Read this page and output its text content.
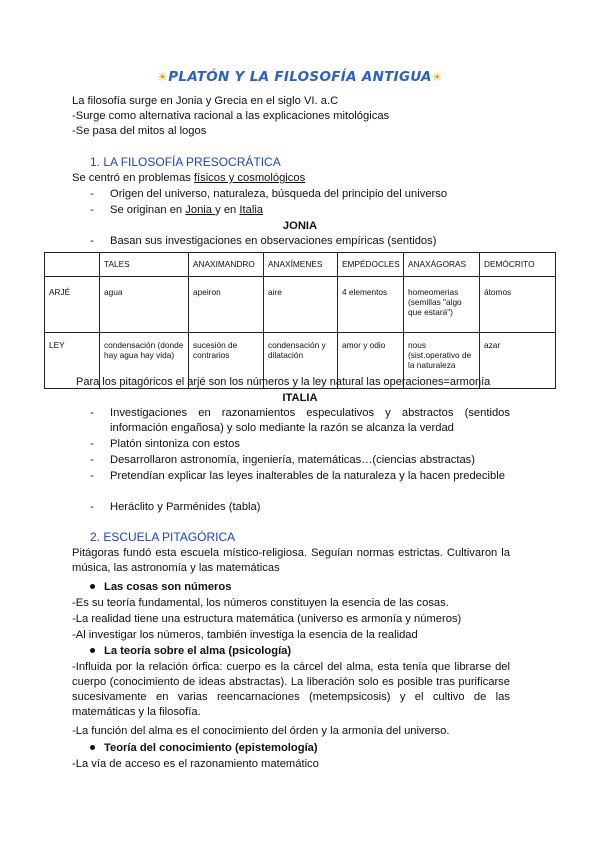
☀PLATÓN Y LA FILOSOFÍA ANTIGUA☀
La filosofía surge en Jonia y Grecia en el siglo VI. a.C
-Surge como alternativa racional a las explicaciones mitológicas
-Se pasa del mitos al logos
1. LA FILOSOFÍA PRESOCRÁTICA
Se centró en problemas físicos y cosmológicos
- Origen del universo, naturaleza, búsqueda del principio del universo
- Se originan en Jonia y en Italia
JONIA
- Basan sus investigaciones en observaciones empíricas (sentidos)
	TALES	ANAXIMANDRO	ANAXÍMENES	EMPÉDOCLES	ANAXÁGORAS	DEMÓCRITO
ARJÉ	agua	apeiron	aire	4 elementos	homeomerias (semillas "algo que estará")	átomos
LEY	condensación (donde hay agua hay vida)	sucesión de contrarios	condensación y dilatación	amor y odio	nous (sist.operativo de la naturaleza	azar
Para los pitagóricos el arjé son los números y la ley natural las operaciones=armonía
ITALIA
- Investigaciones en razonamientos especulativos y abstractos (sentidos información engañosa) y solo mediante la razón se alcanza la verdad
- Platón sintoniza con estos
- Desarrollaron astronomía, ingeniería, matemáticas…(ciencias abstractas)
- Pretendían explicar las leyes inalterables de la naturaleza y la hacen predecible
- Heráclito y Parménides (tabla)
2. ESCUELA PITAGÓRICA
Pitágoras fundó esta escuela místico-religiosa. Seguían normas estrictas. Cultivaron la música, las astronomía y las matemáticas
Las cosas son números
-Es su teoría fundamental, los números constituyen la esencia de las cosas.
-La realidad tiene una estructura matemática (universo es armonía y números)
-Al investigar los números, también investiga la esencia de la realidad
La teoría sobre el alma (psicología)
-Influida por la relación órfica: cuerpo es la cárcel del alma, esta tenía que librarse del cuerpo (conocimiento de ideas abstractas). La liberación solo es posible tras purificarse sucesivamente en varias reencarnaciones (metempsicosis) y el cultivo de las matemáticas y la filosofía.
-La función del alma es el conocimiento del órden y la armonía del universo.
Teoría del conocimiento (epistemología)
-La vía de acceso es el razonamiento matemático
